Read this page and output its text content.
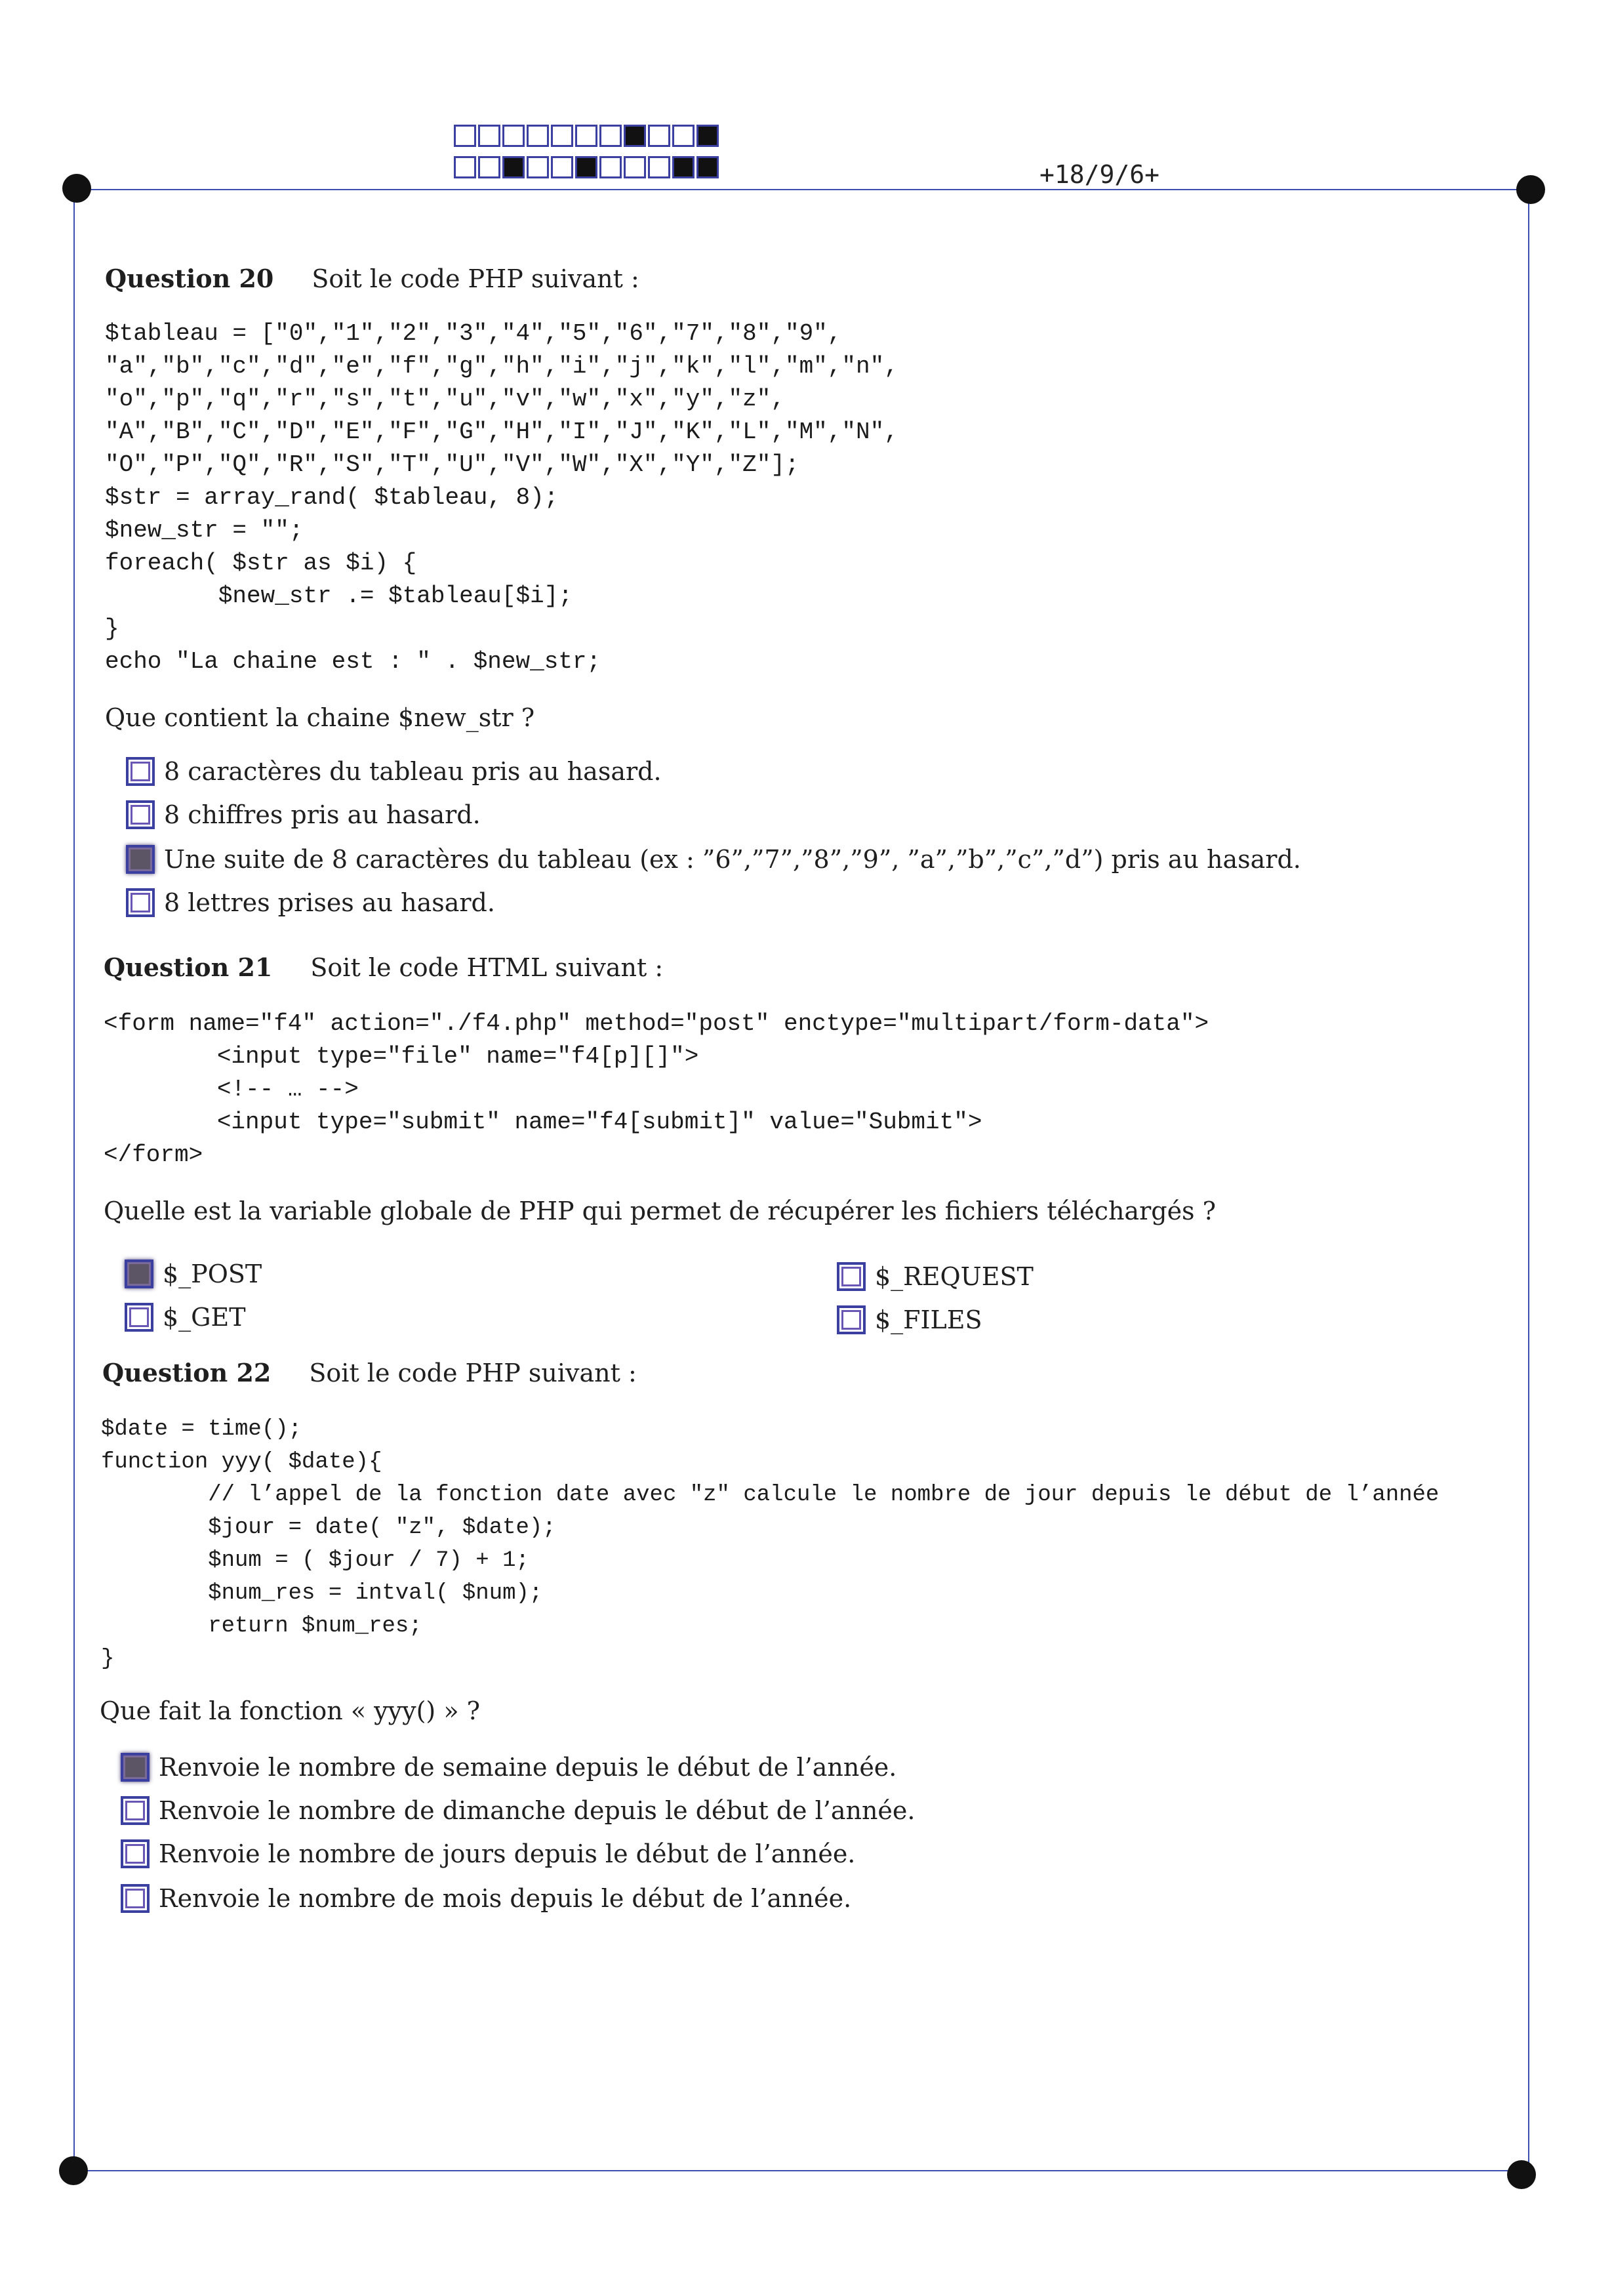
+18/9/6+
Question 20 Soit le code PHP suivant :
$tableau = ["0","1","2","3","4","5","6","7","8","9",
"a","b","c","d","e","f","g","h","i","j","k","l","m","n",
"o","p","q","r","s","t","u","v","w","x","y","z",
"A","B","C","D","E","F","G","H","I","J","K","L","M","N",
"O","P","Q","R","S","T","U","V","W","X","Y","Z"];
$str = array_rand( $tableau, 8);
$new_str = "";
foreach( $str as $i) {
$new_str .= $tableau[$i];
}
echo "La chaine est : " . $new_str;
Que contient la chaine $new_str ?
8 caractères du tableau pris au hasard.
8 chiffres pris au hasard.
Une suite de 8 caractères du tableau (ex : ”6”,”7”,”8”,”9”, ”a”,”b”,”c”,”d”) pris au hasard.
8 lettres prises au hasard.
Question 21 Soit le code HTML suivant :
<form name="f4" action="./f4.php" method="post" enctype="multipart/form-data">
<input type="file" name="f4[p][]">
<!-- … -->
<input type="submit" name="f4[submit]" value="Submit">
</form>
Quelle est la variable globale de PHP qui permet de récupérer les fichiers téléchargés ?
$_POST
$_GET
$_REQUEST
$_FILES
Question 22 Soit le code PHP suivant :
$date = time();
function yyy( $date){
// l’appel de la fonction date avec "z" calcule le nombre de jour depuis le début de l’année
$jour = date( "z", $date);
$num = ( $jour / 7) + 1;
$num_res = intval( $num);
return $num_res;
}
Que fait la fonction « yyy() » ?
Renvoie le nombre de semaine depuis le début de l’année.
Renvoie le nombre de dimanche depuis le début de l’année.
Renvoie le nombre de jours depuis le début de l’année.
Renvoie le nombre de mois depuis le début de l’année.
